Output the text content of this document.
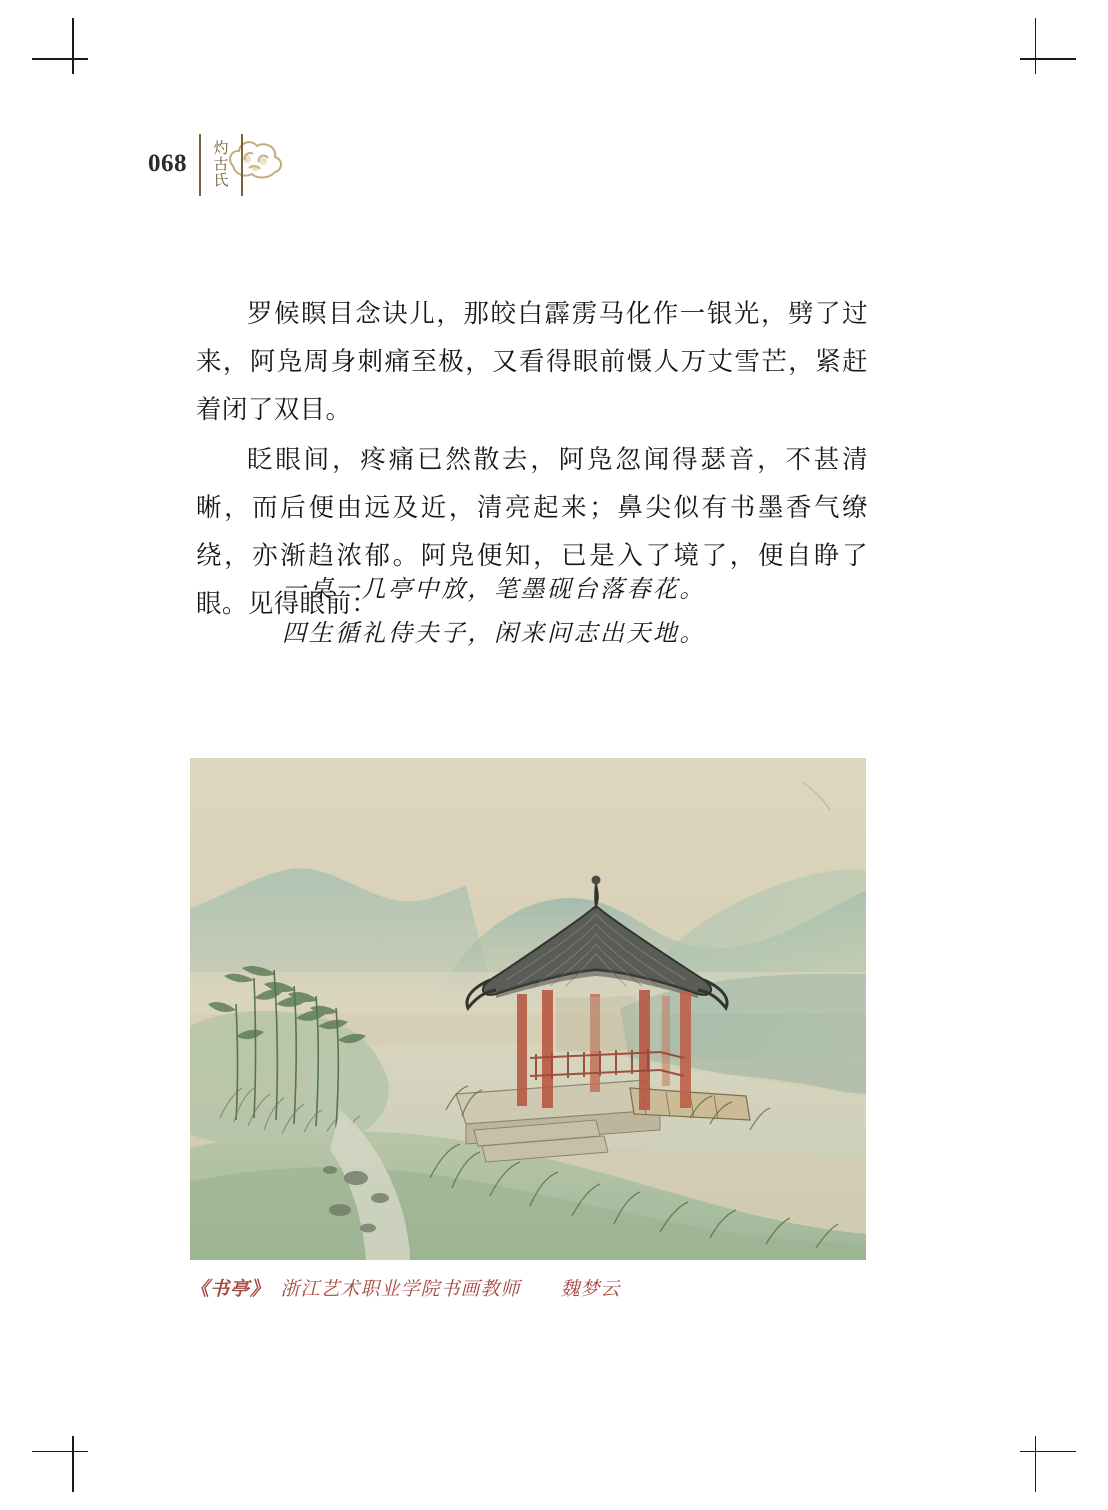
068
灼
古
氏

罗候瞑目念诀儿，那皎白霹雳马化作一银光，劈了过来，阿凫周身刺痛至极，又看得眼前慑人万丈雪芒，紧赶着闭了双目。

眨眼间，疼痛已然散去，阿凫忽闻得瑟音，不甚清晰，而后便由远及近，清亮起来；鼻尖似有书墨香气缭绕，亦渐趋浓郁。阿凫便知，已是入了境了，便自睁了眼。见得眼前：

一桌一几亭中放，笔墨砚台落春花。
四生循礼侍夫子，闲来问志出天地。
《书亭》　 浙江艺术职业学院书画教师　　魏梦云
